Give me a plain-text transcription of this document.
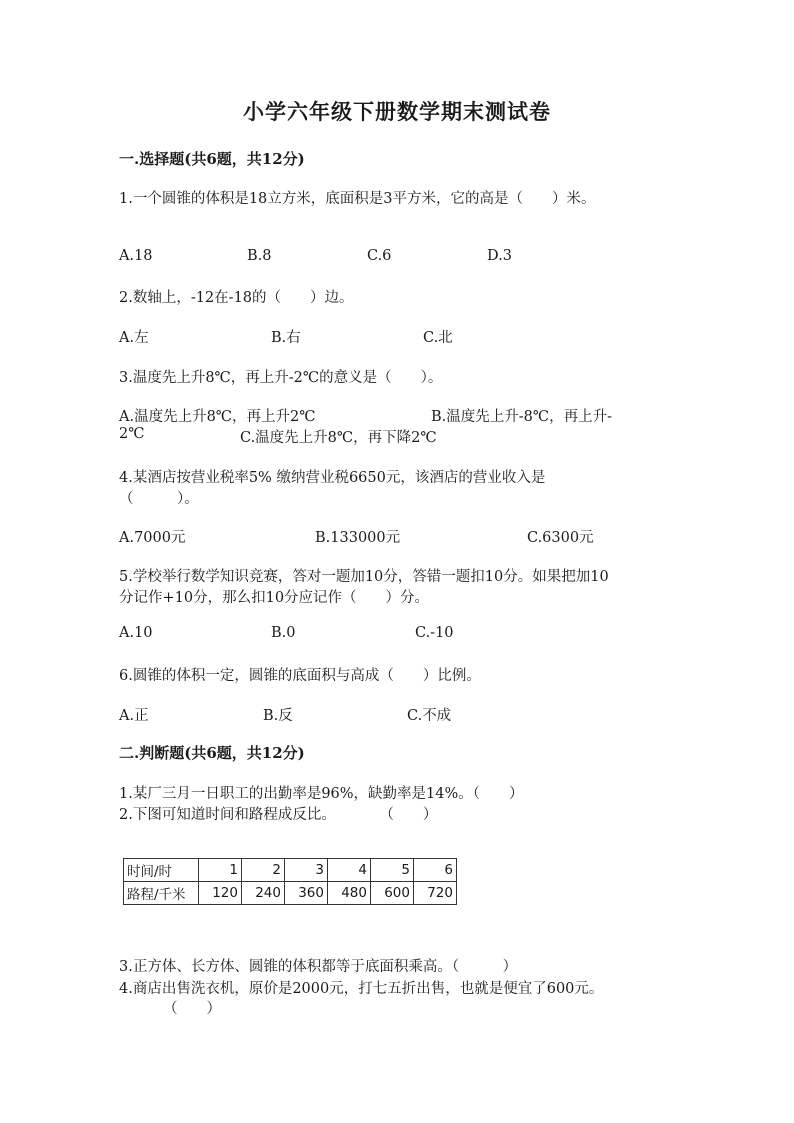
小学六年级下册数学期末测试卷
一.选择题(共6题，共12分)
1.一个圆锥的体积是18立方米，底面积是3平方米，它的高是（　　）米。
A.18	B.8	C.6	D.3
2.数轴上，-12在-18的（　　）边。
A.左	B.右	C.北
3.温度先上升8℃，再上升-2℃的意义是（　　）。
A.温度先上升8℃，再上升2℃	B.温度先上升-8℃，再上升-
2℃	C.温度先上升8℃，再下降2℃
4.某酒店按营业税率5% 缴纳营业税6650元，该酒店的营业收入是
（　　　）。
A.7000元	B.133000元	C.6300元
5.学校举行数学知识竞赛，答对一题加10分，答错一题扣10分。如果把加10
分记作+10分，那么扣10分应记作（　　）分。
A.10	B.0	C.-10
6.圆锥的体积一定，圆锥的底面积与高成（　　）比例。
A.正	B.反	C.不成
二.判断题(共6题，共12分)
1.某厂三月一日职工的出勤率是96%，缺勤率是14%。（　　）
2.下图可知道时间和路程成反比。　　　　（　　）
时间/时	1	2	3	4	5	6
路程/千米	120	240	360	480	600	720
3.正方体、长方体、圆锥的体积都等于底面积乘高。（　　　）
4.商店出售洗衣机，原价是2000元，打七五折出售，也就是便宜了600元。
（　　）
